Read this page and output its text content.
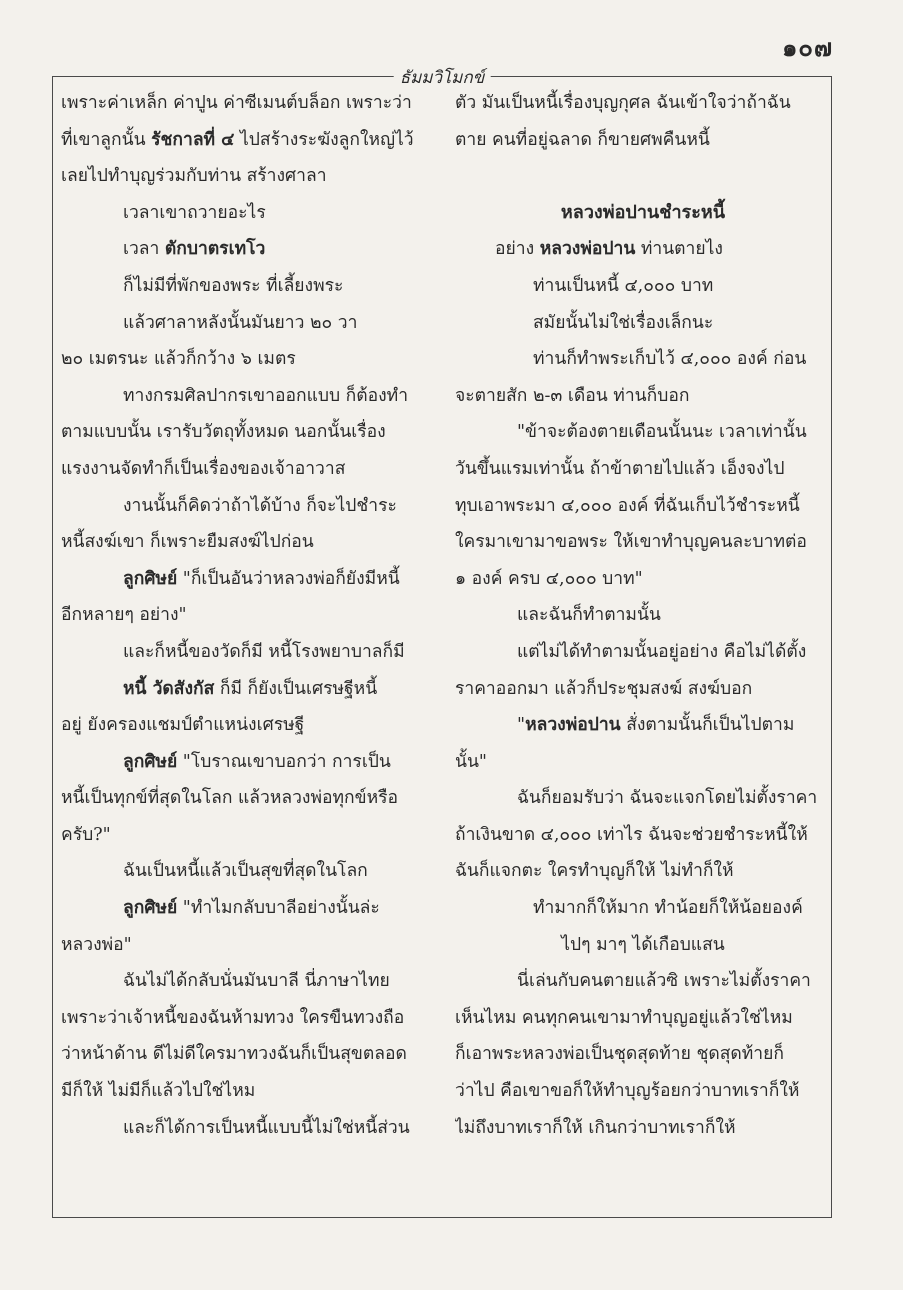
๑๐๗
ธัมมวิโมกข์
เพราะค่าเหล็ก ค่าปูน ค่าซีเมนต์บล็อก เพราะว่า
ที่เขาลูกนั้น รัชกาลที่ ๔ ไปสร้างระฆังลูกใหญ่ไว้
เลยไปทำบุญร่วมกับท่าน สร้างศาลา
เวลาเขาถวายอะไร
เวลา ตักบาตรเทโว
ก็ไม่มีที่พักของพระ ที่เลี้ยงพระ
แล้วศาลาหลังนั้นมันยาว ๒๐ วา
๒๐ เมตรนะ แล้วก็กว้าง ๖ เมตร
ทางกรมศิลปากรเขาออกแบบ ก็ต้องทำ
ตามแบบนั้น เรารับวัตถุทั้งหมด นอกนั้นเรื่อง
แรงงานจัดทำก็เป็นเรื่องของเจ้าอาวาส
งานนั้นก็คิดว่าถ้าได้บ้าง ก็จะไปชำระ
หนี้สงฆ์เขา ก็เพราะยืมสงฆ์ไปก่อน
ลูกศิษย์ "ก็เป็นอันว่าหลวงพ่อก็ยังมีหนี้
อีกหลายๆ อย่าง"
และก็หนี้ของวัดก็มี หนี้โรงพยาบาลก็มี
หนี้ วัดสังกัส ก็มี ก็ยังเป็นเศรษฐีหนี้
อยู่ ยังครองแชมป์ตำแหน่งเศรษฐี
ลูกศิษย์ "โบราณเขาบอกว่า การเป็น
หนี้เป็นทุกข์ที่สุดในโลก แล้วหลวงพ่อทุกข์หรือ
ครับ?"
ฉันเป็นหนี้แล้วเป็นสุขที่สุดในโลก
ลูกศิษย์ "ทำไมกลับบาลีอย่างนั้นล่ะ
หลวงพ่อ"
ฉันไม่ได้กลับนั่นมันบาลี นี่ภาษาไทย
เพราะว่าเจ้าหนี้ของฉันห้ามทวง ใครขืนทวงถือ
ว่าหน้าด้าน ดีไม่ดีใครมาทวงฉันก็เป็นสุขตลอด
มีก็ให้ ไม่มีก็แล้วไปใช่ไหม
และก็ได้การเป็นหนี้แบบนี้ไม่ใช่หนี้ส่วน
ตัว มันเป็นหนี้เรื่องบุญกุศล ฉันเข้าใจว่าถ้าฉัน
ตาย คนที่อยู่ฉลาด ก็ขายศพคืนหนี้
หลวงพ่อปานชำระหนี้
อย่าง หลวงพ่อปาน ท่านตายไง
ท่านเป็นหนี้ ๔,๐๐๐ บาท
สมัยนั้นไม่ใช่เรื่องเล็กนะ
ท่านก็ทำพระเก็บไว้ ๔,๐๐๐ องค์ ก่อน
จะตายสัก ๒-๓ เดือน ท่านก็บอก
"ข้าจะต้องตายเดือนนั้นนะ เวลาเท่านั้น
วันขึ้นแรมเท่านั้น ถ้าข้าตายไปแล้ว เอ็งจงไป
ทุบเอาพระมา ๔,๐๐๐ องค์ ที่ฉันเก็บไว้ชำระหนี้
ใครมาเขามาขอพระ ให้เขาทำบุญคนละบาทต่อ
๑ องค์ ครบ ๔,๐๐๐ บาท"
และฉันก็ทำตามนั้น
แต่ไม่ได้ทำตามนั้นอยู่อย่าง คือไม่ได้ตั้ง
ราคาออกมา แล้วก็ประชุมสงฆ์ สงฆ์บอก
"หลวงพ่อปาน สั่งตามนั้นก็เป็นไปตาม
นั้น"
ฉันก็ยอมรับว่า ฉันจะแจกโดยไม่ตั้งราคา
ถ้าเงินขาด ๔,๐๐๐ เท่าไร ฉันจะช่วยชำระหนี้ให้
ฉันก็แจกตะ ใครทำบุญก็ให้ ไม่ทำก็ให้
ทำมากก็ให้มาก ทำน้อยก็ให้น้อยองค์
ไปๆ มาๆ ได้เกือบแสน
นี่เล่นกับคนตายแล้วซิ เพราะไม่ตั้งราคา
เห็นไหม คนทุกคนเขามาทำบุญอยู่แล้วใช่ไหม
ก็เอาพระหลวงพ่อเป็นชุดสุดท้าย ชุดสุดท้ายก็
ว่าไป คือเขาขอก็ให้ทำบุญร้อยกว่าบาทเราก็ให้
ไม่ถึงบาทเราก็ให้ เกินกว่าบาทเราก็ให้
